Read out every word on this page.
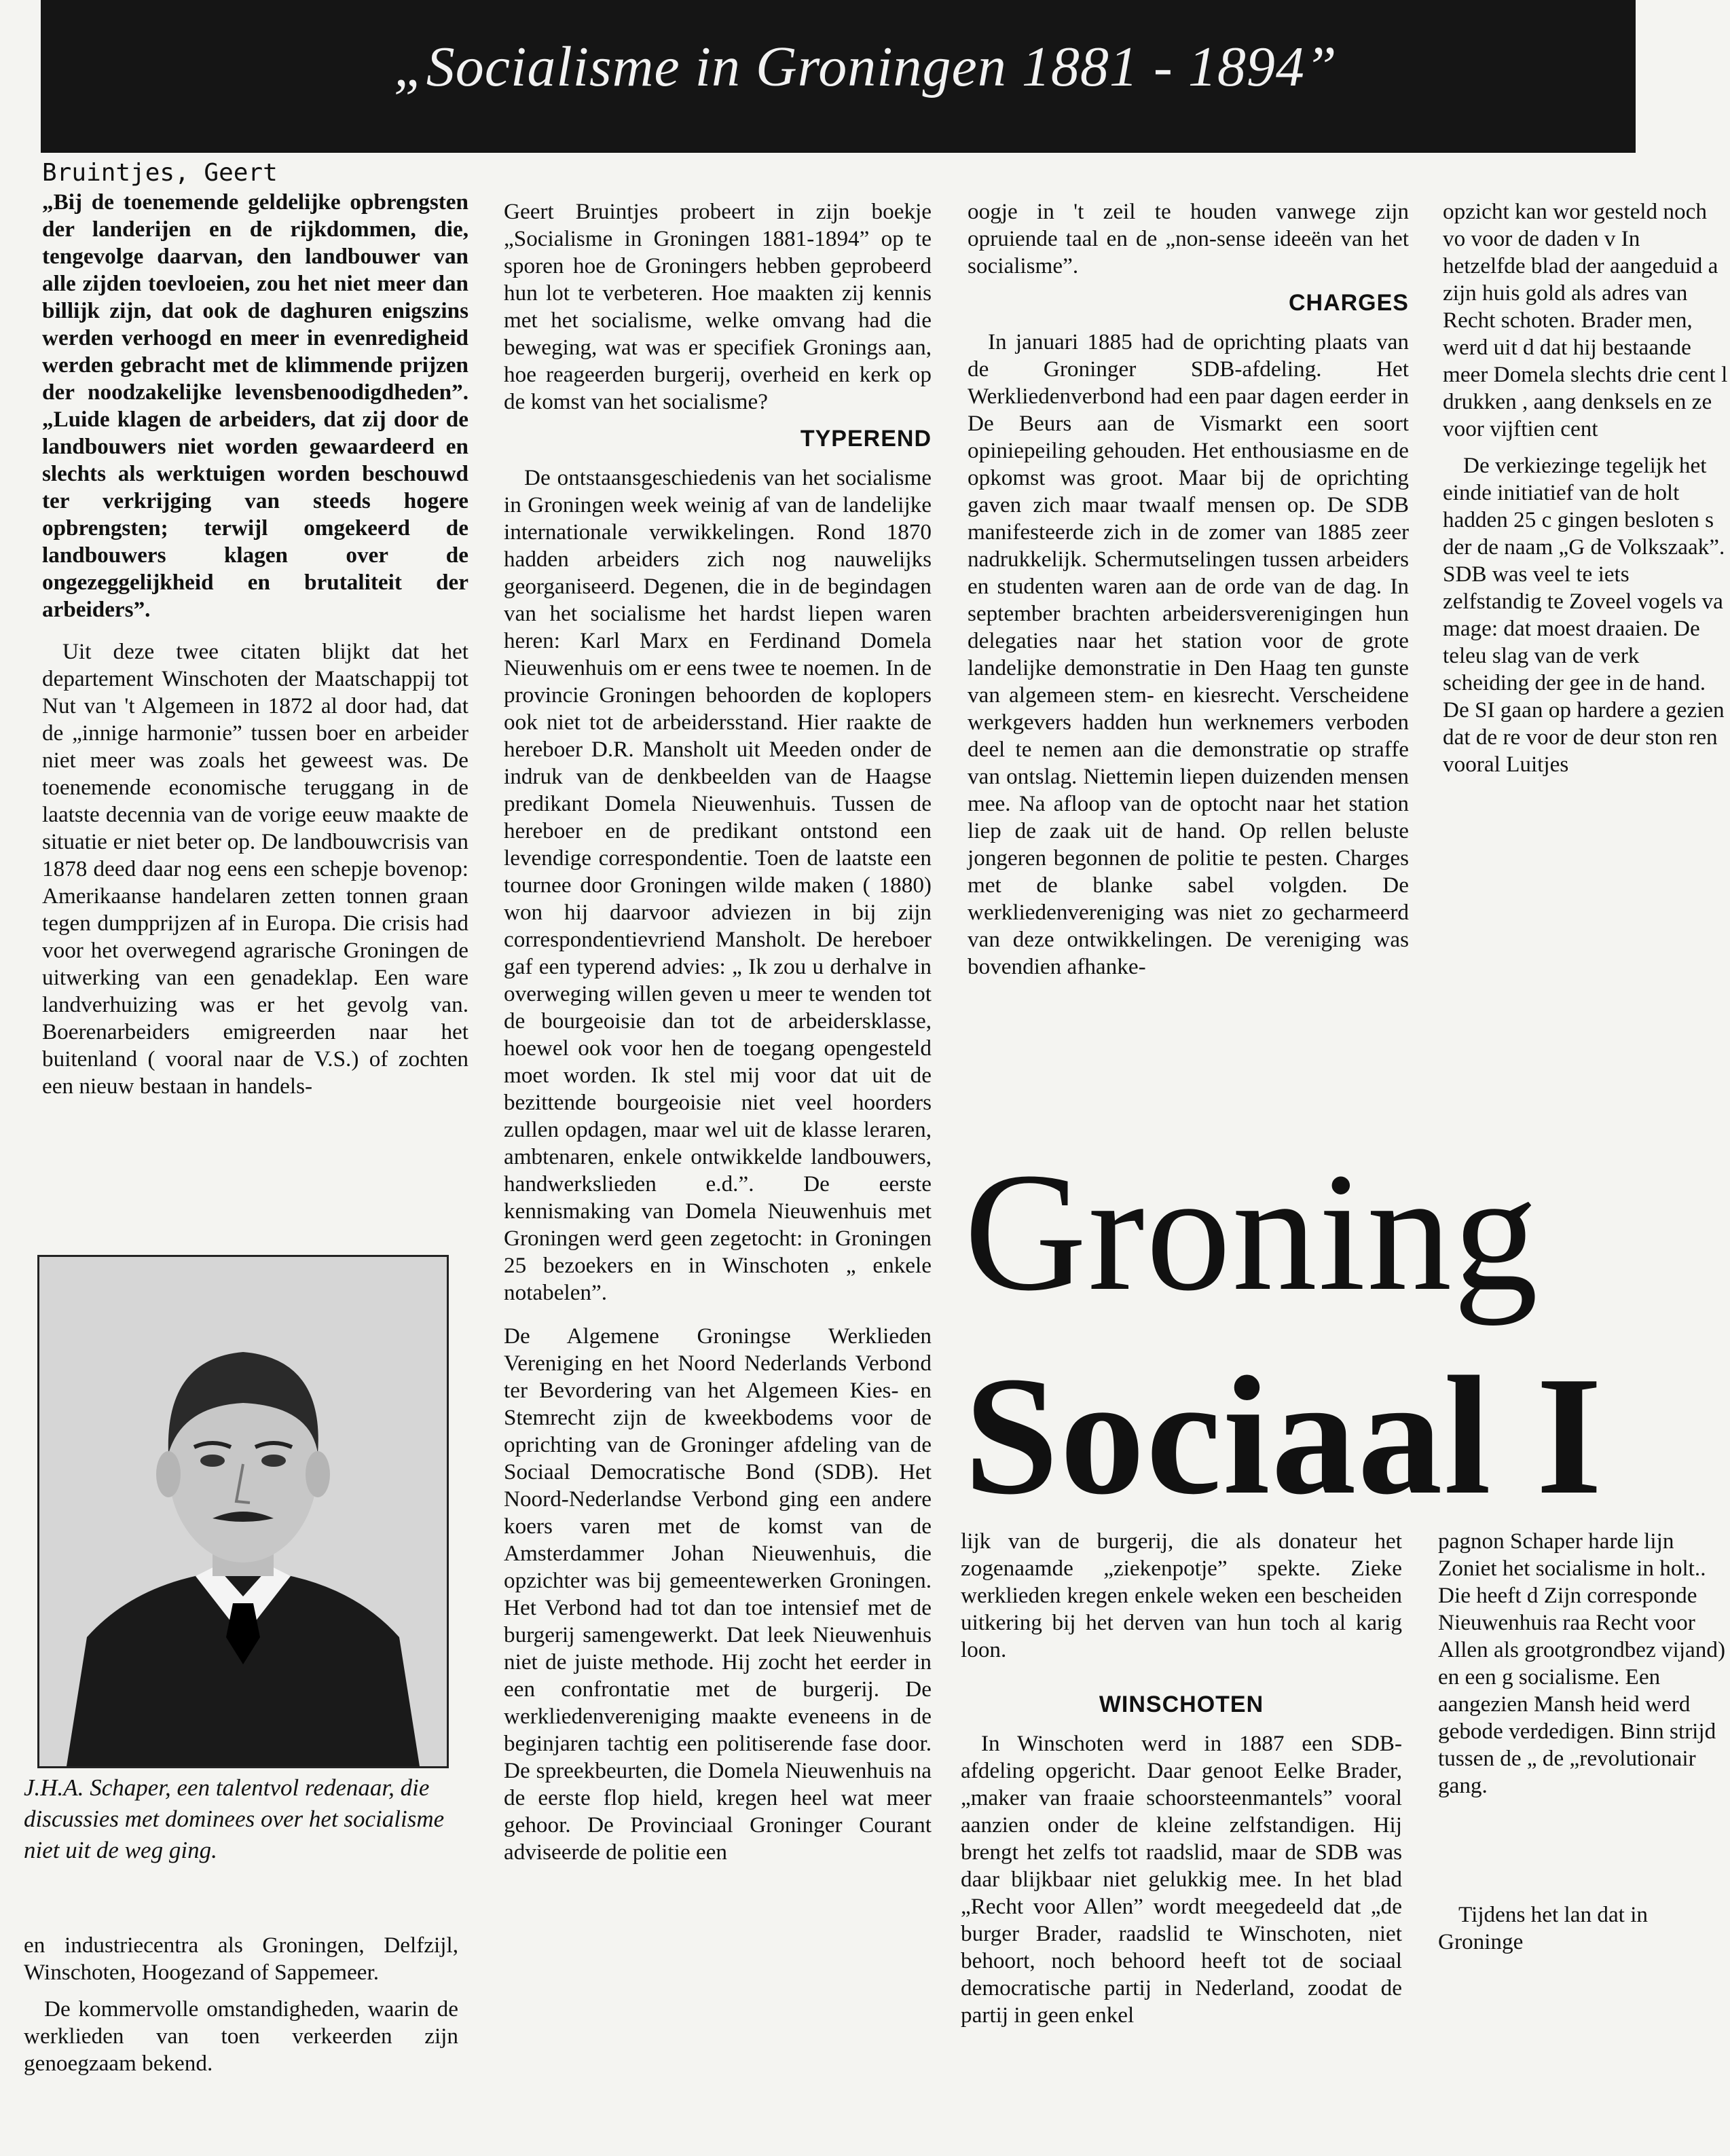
„Socialisme in Groningen 1881 - 1894”
Bruintjes, Geert

„Bij de toenemende geldelijke opbrengsten der landerijen en de rijkdommen, die, tengevolge daarvan, den landbouwer van alle zijden toevloeien, zou het niet meer dan billijk zijn, dat ook de daghuren enigszins werden verhoogd en meer in evenredigheid werden gebracht met de klimmende prijzen der noodzakelijke levensbenoodigdheden”. „Luide klagen de arbeiders, dat zij door de landbouwers niet worden gewaardeerd en slechts als werktuigen worden beschouwd ter verkrijging van steeds hogere opbrengsten; terwijl omgekeerd de landbouwers klagen over de ongezeggelijkheid en brutaliteit der arbeiders”.

Uit deze twee citaten blijkt dat het departement Winschoten der Maatschappij tot Nut van 't Algemeen in 1872 al door had, dat de „innige harmonie” tussen boer en arbeider niet meer was zoals het geweest was. De toenemende economische teruggang in de laatste decennia van de vorige eeuw maakte de situatie er niet beter op. De landbouwcrisis van 1878 deed daar nog eens een schepje bovenop: Amerikaanse handelaren zetten tonnen graan tegen dumpprijzen af in Europa. Die crisis had voor het overwegend agrarische Groningen de uitwerking van een genadeklap. Een ware landverhuizing was er het gevolg van. Boerenarbeiders emigreerden naar het buitenland ( vooral naar de V.S.) of zochten een nieuw bestaan in handels-

J.H.A. Schaper, een talentvol redenaar, die discussies met dominees over het socialisme niet uit de weg ging.

en industriecentra als Groningen, Delfzijl, Winschoten, Hoogezand of Sappemeer.

De kommervolle omstandigheden, waarin de werklieden van toen verkeerden zijn genoegzaam bekend.

Geert Bruintjes probeert in zijn boekje „Socialisme in Groningen 1881-1894” op te sporen hoe de Groningers hebben geprobeerd hun lot te verbeteren. Hoe maakten zij kennis met het socialisme, welke omvang had die beweging, wat was er specifiek Gronings aan, hoe reageerden burgerij, overheid en kerk op de komst van het socialisme?

TYPEREND

De ontstaansgeschiedenis van het socialisme in Groningen week weinig af van de landelijke internationale verwikkelingen. Rond 1870 hadden arbeiders zich nog nauwelijks georganiseerd. Degenen, die in de begindagen van het socialisme het hardst liepen waren heren: Karl Marx en Ferdinand Domela Nieuwenhuis om er eens twee te noemen. In de provincie Groningen behoorden de koplopers ook niet tot de arbeidersstand. Hier raakte de hereboer D.R. Mansholt uit Meeden onder de indruk van de denkbeelden van de Haagse predikant Domela Nieuwenhuis. Tussen de hereboer en de predikant ontstond een levendige correspondentie. Toen de laatste een tournee door Groningen wilde maken ( 1880) won hij daarvoor adviezen in bij zijn correspondentievriend Mansholt. De hereboer gaf een typerend advies: „ Ik zou u derhalve in overweging willen geven u meer te wenden tot de bourgeoisie dan tot de arbeidersklasse, hoewel ook voor hen de toegang opengesteld moet worden. Ik stel mij voor dat uit de bezittende bourgeoisie niet veel hoorders zullen opdagen, maar wel uit de klasse leraren, ambtenaren, enkele ontwikkelde landbouwers, handwerkslieden e.d.”. De eerste kennismaking van Domela Nieuwenhuis met Groningen werd geen zegetocht: in Groningen 25 bezoekers en in Winschoten „ enkele notabelen”.

De Algemene Groningse Werklieden Vereniging en het Noord Nederlands Verbond ter Bevordering van het Algemeen Kies- en Stemrecht zijn de kweekbodems voor de oprichting van de Groninger afdeling van de Sociaal Democratische Bond (SDB). Het Noord-Nederlandse Verbond ging een andere koers varen met de komst van de Amsterdammer Johan Nieuwenhuis, die opzichter was bij gemeentewerken Groningen. Het Verbond had tot dan toe intensief met de burgerij samengewerkt. Dat leek Nieuwenhuis niet de juiste methode. Hij zocht het eerder in een confrontatie met de burgerij. De werkliedenvereniging maakte eveneens in de beginjaren tachtig een politiserende fase door. De spreekbeurten, die Domela Nieuwenhuis na de eerste flop hield, kregen heel wat meer gehoor. De Provinciaal Groninger Courant adviseerde de politie een

oogje in 't zeil te houden vanwege zijn opruiende taal en de „non-sense ideeën van het socialisme”.

CHARGES

In januari 1885 had de oprichting plaats van de Groninger SDB-afdeling. Het Werkliedenverbond had een paar dagen eerder in De Beurs aan de Vismarkt een soort opiniepeiling gehouden. Het enthousiasme en de opkomst was groot. Maar bij de oprichting gaven zich maar twaalf mensen op. De SDB manifesteerde zich in de zomer van 1885 zeer nadrukkelijk. Schermutselingen tussen arbeiders en studenten waren aan de orde van de dag. In september brachten arbeidersverenigingen hun delegaties naar het station voor de grote landelijke demonstratie in Den Haag ten gunste van algemeen stem- en kiesrecht. Verscheidene werkgevers hadden hun werknemers verboden deel te nemen aan die demonstratie op straffe van ontslag. Niettemin liepen duizenden mensen mee. Na afloop van de optocht naar het station liep de zaak uit de hand. Op rellen beluste jongeren begonnen de politie te pesten. Charges met de blanke sabel volgden. De werkliedenvereniging was niet zo gecharmeerd van deze ontwikkelingen. De vereniging was bovendien afhanke-

Groning
Sociaal I

lijk van de burgerij, die als donateur het zogenaamde „ziekenpotje” spekte. Zieke werklieden kregen enkele weken een bescheiden uitkering bij het derven van hun toch al karig loon.

WINSCHOTEN

In Winschoten werd in 1887 een SDB-afdeling opgericht. Daar genoot Eelke Brader, „maker van fraaie schoorsteenmantels” vooral aanzien onder de kleine zelfstandigen. Hij brengt het zelfs tot raadslid, maar de SDB was daar blijkbaar niet gelukkig mee. In het blad „Recht voor Allen” wordt meegedeeld dat „de burger Brader, raadslid te Winschoten, niet behoort, noch behoord heeft tot de sociaal democratische partij in Nederland, zoodat de partij in geen enkel

opzicht kan wor gesteld noch vo voor de daden v In hetzelfde blad der aangeduid a zijn huis gold als adres van Recht schoten. Brader men, werd uit d dat hij bestaande meer Domela slechts drie cent l drukken , aang denksels en ze voor vijftien cent

De verkiezinge tegelijk het einde initiatief van de holt hadden 25 c gingen besloten s der de naam „G de Volkszaak”. SDB was veel te iets zelfstandig te Zoveel vogels va mage: dat moest draaien. De teleu slag van de verk scheiding der gee in de hand. De SI gaan op hardere a gezien dat de re voor de deur ston ren vooral Luitjes

pagnon Schaper harde lijn Zoniet het socialisme in holt.. Die heeft d Zijn corresponde Nieuwenhuis raa Recht voor Allen als grootgrondbez vijand) en een g socialisme. Een aangezien Mansh heid werd gebode verdedigen. Binn strijd tussen de „ de „revolutionair gang.

Tijdens het lan dat in Groninge
